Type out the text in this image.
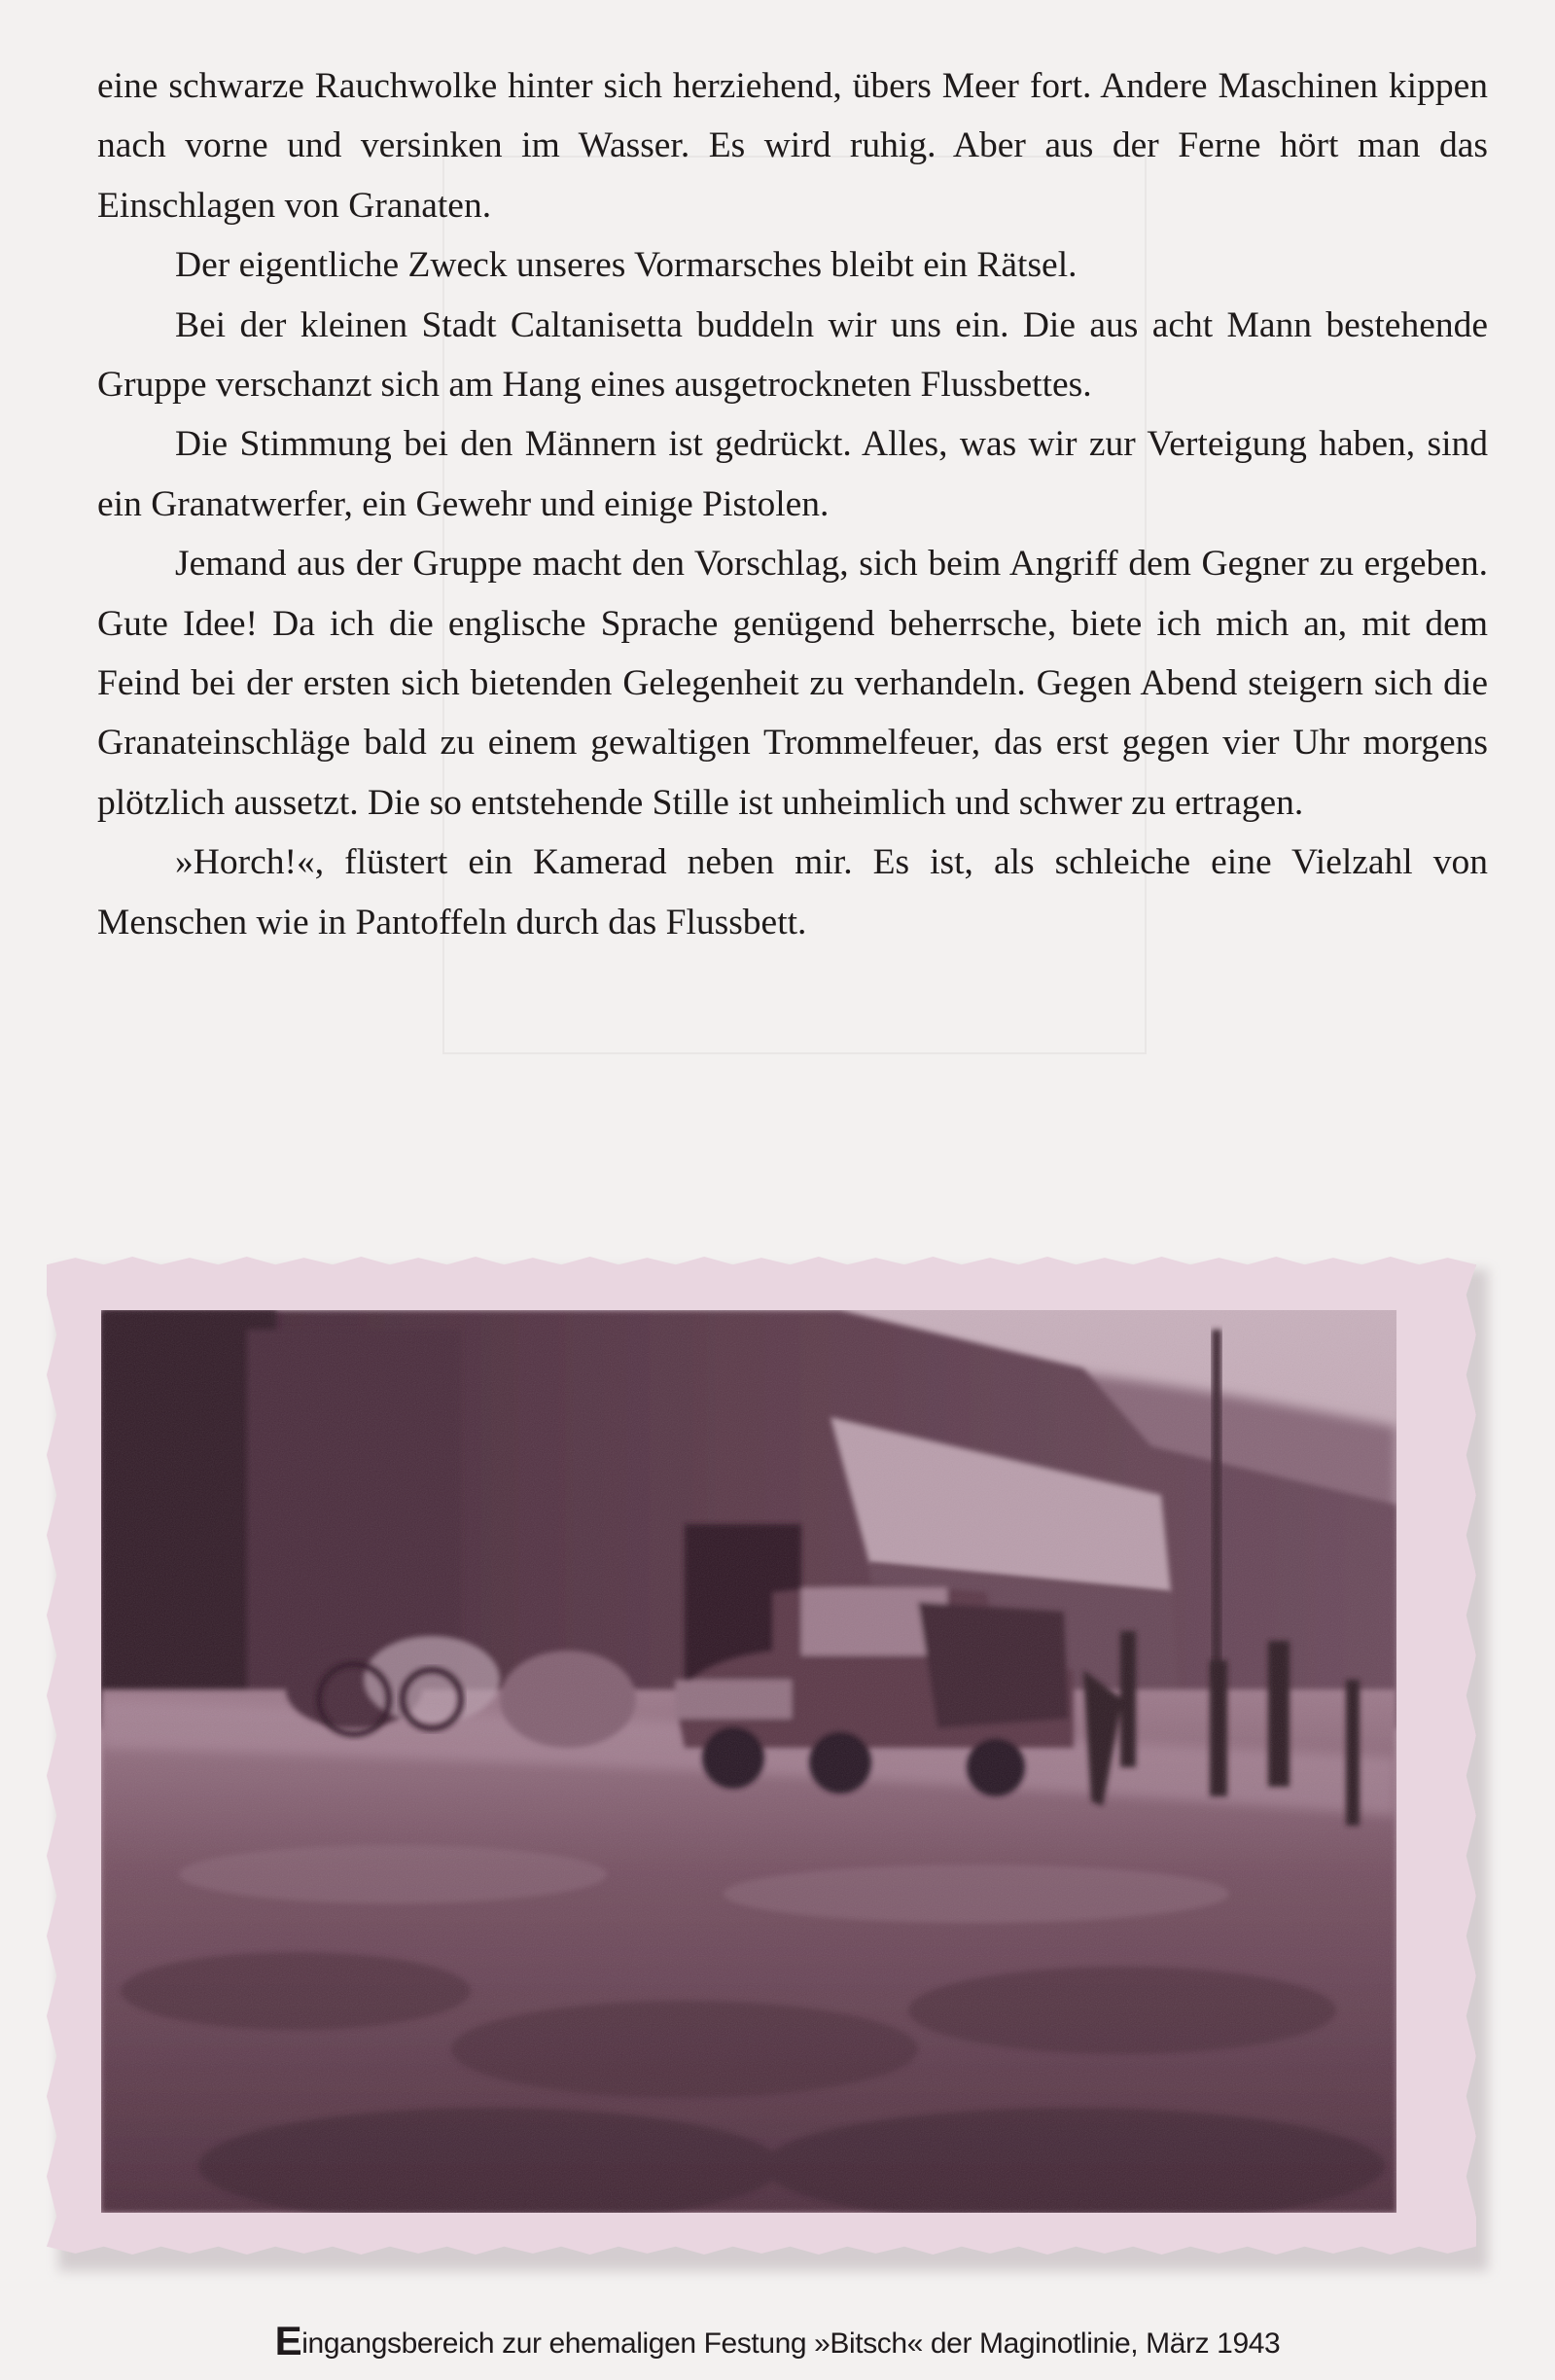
eine schwarze Rauchwolke hinter sich herziehend, übers Meer fort. Andere Maschinen kippen nach vorne und versinken im Wasser. Es wird ruhig. Aber aus der Ferne hört man das Einschlagen von Granaten.

Der eigentliche Zweck unseres Vormarsches bleibt ein Rätsel.

Bei der kleinen Stadt Caltanisetta buddeln wir uns ein. Die aus acht Mann bestehende Gruppe verschanzt sich am Hang eines ausgetrockneten Flussbettes.

Die Stimmung bei den Männern ist gedrückt. Alles, was wir zur Verteigung haben, sind ein Granatwerfer, ein Gewehr und einige Pistolen.

Jemand aus der Gruppe macht den Vorschlag, sich beim Angriff dem Gegner zu ergeben. Gute Idee! Da ich die englische Sprache genügend beherrsche, biete ich mich an, mit dem Feind bei der ersten sich bietenden Gelegenheit zu verhandeln. Gegen Abend steigern sich die Granateinschläge bald zu einem gewaltigen Trommelfeuer, das erst gegen vier Uhr morgens plötzlich aussetzt. Die so entstehende Stille ist unheimlich und schwer zu ertragen.

»Horch!«, flüstert ein Kamerad neben mir. Es ist, als schleiche eine Vielzahl von Menschen wie in Pantoffeln durch das Flussbett.

Eingangsbereich zur ehemaligen Festung »Bitsch« der Maginotlinie, März 1943
